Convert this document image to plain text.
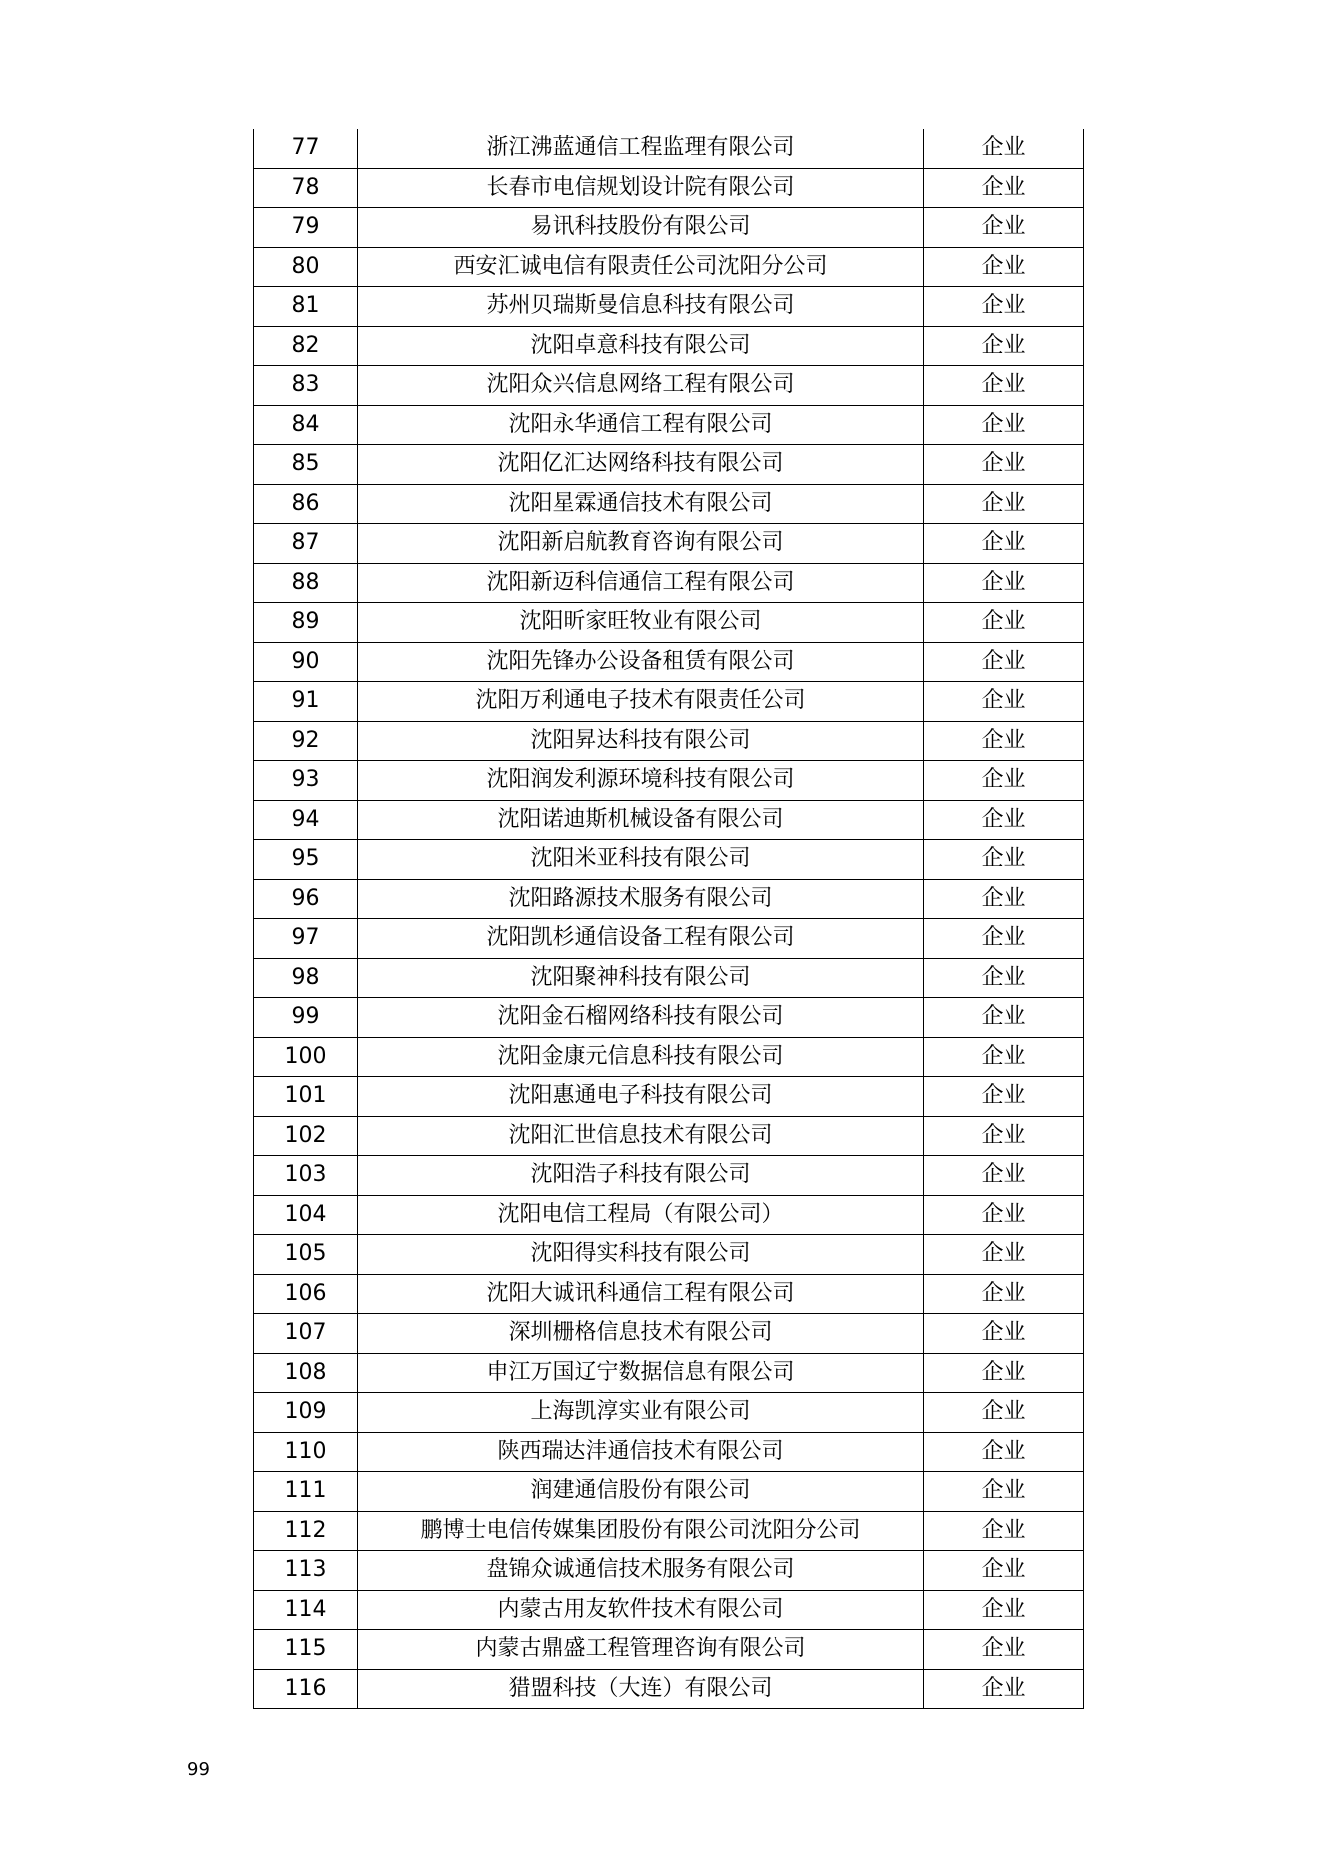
77	浙江沸蓝通信工程监理有限公司	企业
78	长春市电信规划设计院有限公司	企业
79	易讯科技股份有限公司	企业
80	西安汇诚电信有限责任公司沈阳分公司	企业
81	苏州贝瑞斯曼信息科技有限公司	企业
82	沈阳卓意科技有限公司	企业
83	沈阳众兴信息网络工程有限公司	企业
84	沈阳永华通信工程有限公司	企业
85	沈阳亿汇达网络科技有限公司	企业
86	沈阳星霖通信技术有限公司	企业
87	沈阳新启航教育咨询有限公司	企业
88	沈阳新迈科信通信工程有限公司	企业
89	沈阳昕家旺牧业有限公司	企业
90	沈阳先锋办公设备租赁有限公司	企业
91	沈阳万利通电子技术有限责任公司	企业
92	沈阳昇达科技有限公司	企业
93	沈阳润发利源环境科技有限公司	企业
94	沈阳诺迪斯机械设备有限公司	企业
95	沈阳米亚科技有限公司	企业
96	沈阳路源技术服务有限公司	企业
97	沈阳凯杉通信设备工程有限公司	企业
98	沈阳聚神科技有限公司	企业
99	沈阳金石榴网络科技有限公司	企业
100	沈阳金康元信息科技有限公司	企业
101	沈阳惠通电子科技有限公司	企业
102	沈阳汇世信息技术有限公司	企业
103	沈阳浩子科技有限公司	企业
104	沈阳电信工程局（有限公司）	企业
105	沈阳得实科技有限公司	企业
106	沈阳大诚讯科通信工程有限公司	企业
107	深圳栅格信息技术有限公司	企业
108	申江万国辽宁数据信息有限公司	企业
109	上海凯淳实业有限公司	企业
110	陕西瑞达沣通信技术有限公司	企业
111	润建通信股份有限公司	企业
112	鹏博士电信传媒集团股份有限公司沈阳分公司	企业
113	盘锦众诚通信技术服务有限公司	企业
114	内蒙古用友软件技术有限公司	企业
115	内蒙古鼎盛工程管理咨询有限公司	企业
116	猎盟科技（大连）有限公司	企业
99
